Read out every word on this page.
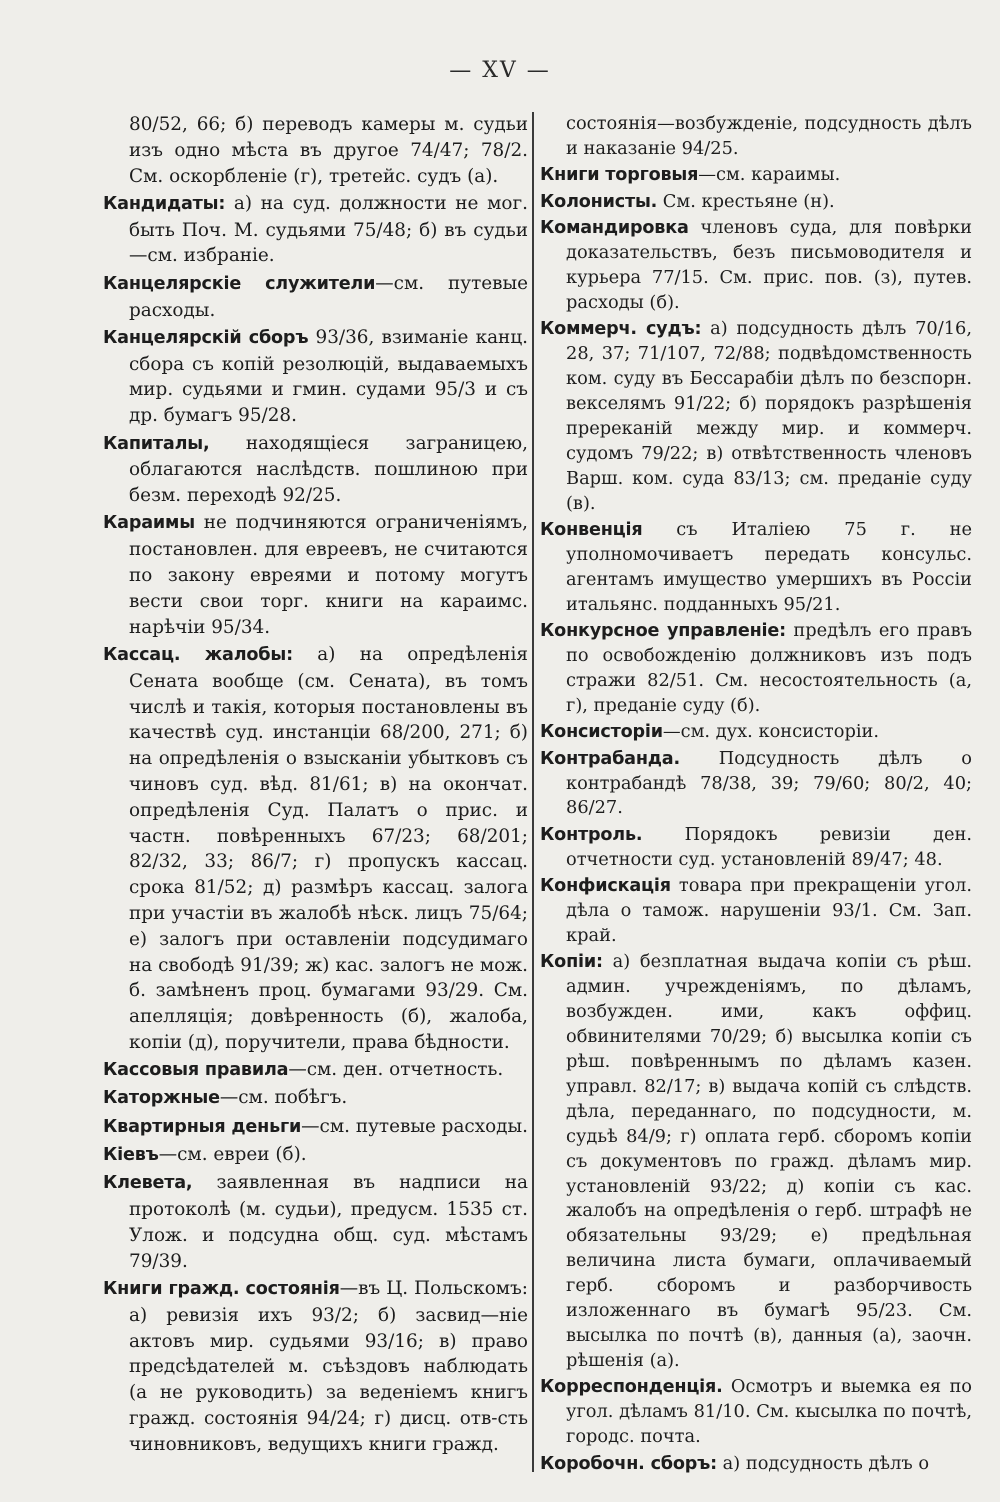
— XV —

80/52, 66; б) переводъ камеры м. судьи изъ одно мѣста въ другое 74/47; 78/2. См. оскорбленіе (г), третейс. судъ (а).

Кандидаты: а) на суд. должности не мог. быть Поч. М. судьями 75/48; б) въ судьи—см. избраніе.

Канцелярскіе служители—см. путевые расходы.

Канцелярскій сборъ 93/36, взиманіе канц. сбора съ копій резолюцій, выдаваемыхъ мир. судьями и гмин. судами 95/3 и съ др. бумагъ 95/28.

Капиталы, находящіеся заграницею, облагаются наслѣдств. пошлиною при безм. переходѣ 92/25.

Караимы не подчиняются ограниченіямъ, постановлен. для евреевъ, не считаются по закону евреями и потому могутъ вести свои торг. книги на караимс. нарѣчіи 95/34.

Кассац. жалобы: а) на опредѣленія Сената вообще (см. Сената), въ томъ числѣ и такія, которыя постановлены въ качествѣ суд. инстанціи 68/200, 271; б) на опредѣленія о взысканіи убытковъ съ чиновъ суд. вѣд. 81/61; в) на окончат. опредѣленія Суд. Палатъ о прис. и частн. повѣренныхъ 67/23; 68/201; 82/32, 33; 86/7; г) пропускъ кассац. срока 81/52; д) размѣръ кассац. залога при участіи въ жалобѣ нѣск. лицъ 75/64; е) залогъ при оставленіи подсудимаго на свободѣ 91/39; ж) кас. залогъ не мож. б. замѣненъ проц. бумагами 93/29. См. апелляція; довѣренность (б), жалоба, копіи (д), поручители, права бѣдности.

Кассовыя правила—см. ден. отчетность.

Каторжные—см. побѣгъ.

Квартирныя деньги—см. путевые расходы.

Кіевъ—см. евреи (б).

Клевета, заявленная въ надписи на протоколѣ (м. судьи), предусм. 1535 ст. Улож. и подсудна общ. суд. мѣстамъ 79/39.

Книги гражд. состоянія—въ Ц. Польскомъ: а) ревизія ихъ 93/2; б) засвид—ніе актовъ мир. судьями 93/16; в) право предсѣдателей м. съѣздовъ наблюдать (а не руководить) за веденіемъ книгъ гражд. состоянія 94/24; г) дисц. отв-сть чиновниковъ, ведущихъ книги гражд.

состоянія—возбужденіе, подсудность дѣлъ и наказаніе 94/25.

Книги торговыя—см. караимы.

Колонисты. См. крестьяне (н).

Командировка членовъ суда, для повѣрки доказательствъ, безъ письмоводителя и курьера 77/15. См. прис. пов. (з), путев. расходы (б).

Коммерч. судъ: а) подсудность дѣлъ 70/16, 28, 37; 71/107, 72/88; подвѣдомственность ком. суду въ Бессарабіи дѣлъ по безспорн. векселямъ 91/22; б) порядокъ разрѣшенія пререканій между мир. и коммерч. судомъ 79/22; в) отвѣтственность членовъ Варш. ком. суда 83/13; см. преданіе суду (в).

Конвенція съ Италіею 75 г. не уполномочиваетъ передать консульс. агентамъ имущество умершихъ въ Россіи итальянс. подданныхъ 95/21.

Конкурсное управленіе: предѣлъ его правъ по освобожденію должниковъ изъ подъ стражи 82/51. См. несостоятельность (а, г), преданіе суду (б).

Консисторіи—см. дух. консисторіи.

Контрабанда. Подсудность дѣлъ о контрабандѣ 78/38, 39; 79/60; 80/2, 40; 86/27.

Контроль. Порядокъ ревизіи ден. отчетности суд. установленій 89/47; 48.

Конфискація товара при прекращеніи угол. дѣла о тамож. нарушеніи 93/1. См. Зап. край.

Копіи: а) безплатная выдача копіи съ рѣш. админ. учрежденіямъ, по дѣламъ, возбужден. ими, какъ оффиц. обвинителями 70/29; б) высылка копіи съ рѣш. повѣреннымъ по дѣламъ казен. управл. 82/17; в) выдача копій съ слѣдств. дѣла, переданнаго, по подсудности, м. судьѣ 84/9; г) оплата герб. сборомъ копіи съ документовъ по гражд. дѣламъ мир. установленій 93/22; д) копіи съ кас. жалобъ на опредѣленія о герб. штрафѣ не обязательны 93/29; е) предѣльная величина листа бумаги, оплачиваемый герб. сборомъ и разборчивость изложеннаго въ бумагѣ 95/23. См. высылка по почтѣ (в), данныя (а), заочн. рѣшенія (а).

Корреспонденція. Осмотръ и выемка ея по угол. дѣламъ 81/10. См. кысылка по почтѣ, городс. почта.

Коробочн. сборъ: а) подсудность дѣлъ о
